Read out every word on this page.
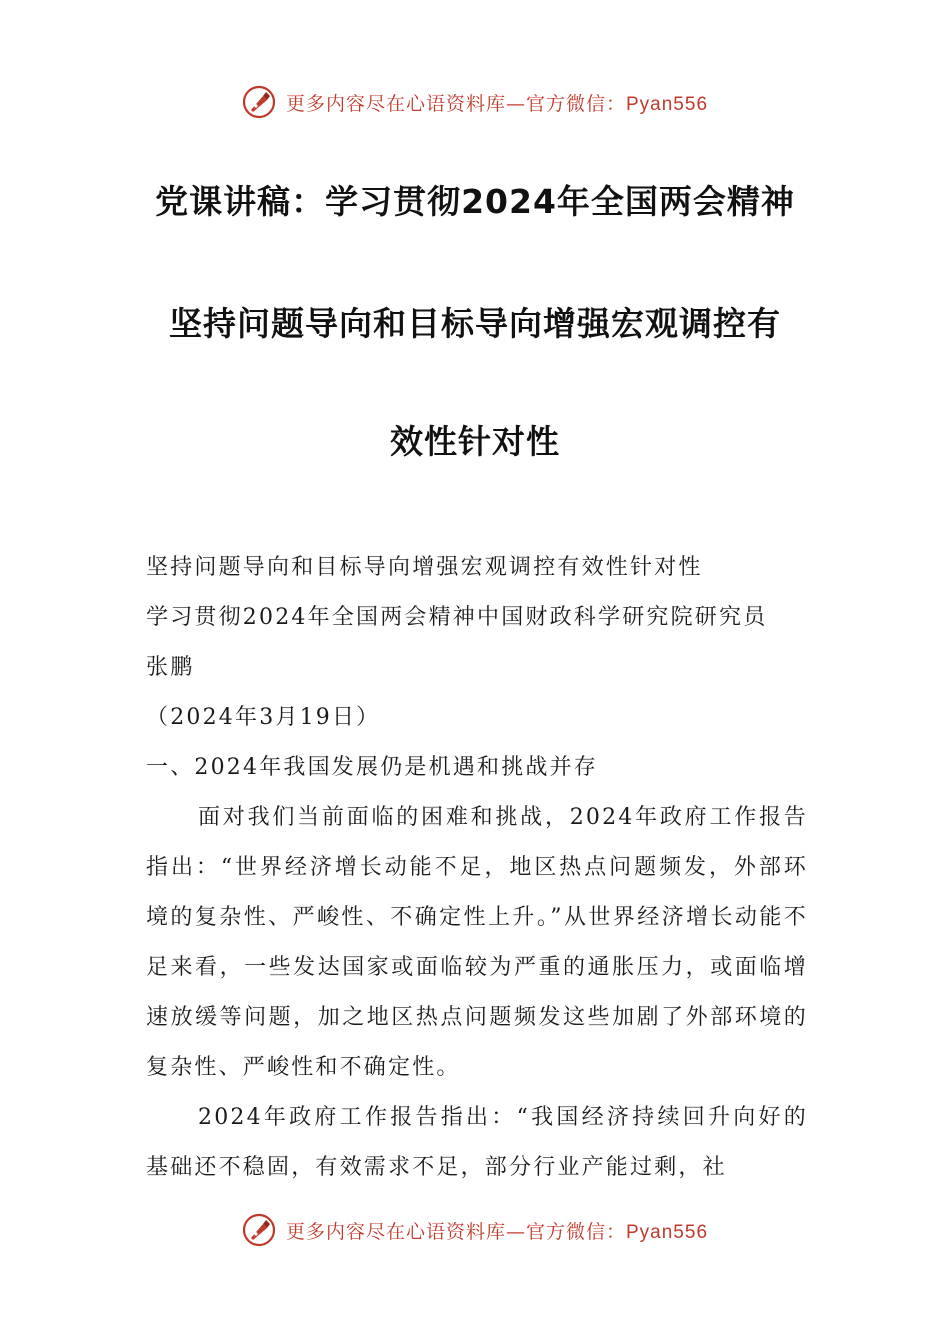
更多内容尽在心语资料库—官方微信：Pyan556
党课讲稿：学习贯彻2024年全国两会精神
坚持问题导向和目标导向增强宏观调控有
效性针对性
坚持问题导向和目标导向增强宏观调控有效性针对性
学习贯彻2024年全国两会精神中国财政科学研究院研究员
张鹏
（2024年3月19日）
一、2024年我国发展仍是机遇和挑战并存

面对我们当前面临的困难和挑战，2024年政府工作报告指出：“世界经济增长动能不足，地区热点问题频发，外部环境的复杂性、严峻性、不确定性上升。”从世界经济增长动能不足来看，一些发达国家或面临较为严重的通胀压力，或面临增速放缓等问题，加之地区热点问题频发这些加剧了外部环境的复杂性、严峻性和不确定性。

2024年政府工作报告指出：“我国经济持续回升向好的基础还不稳固，有效需求不足，部分行业产能过剩，社

更多内容尽在心语资料库—官方微信：Pyan556
